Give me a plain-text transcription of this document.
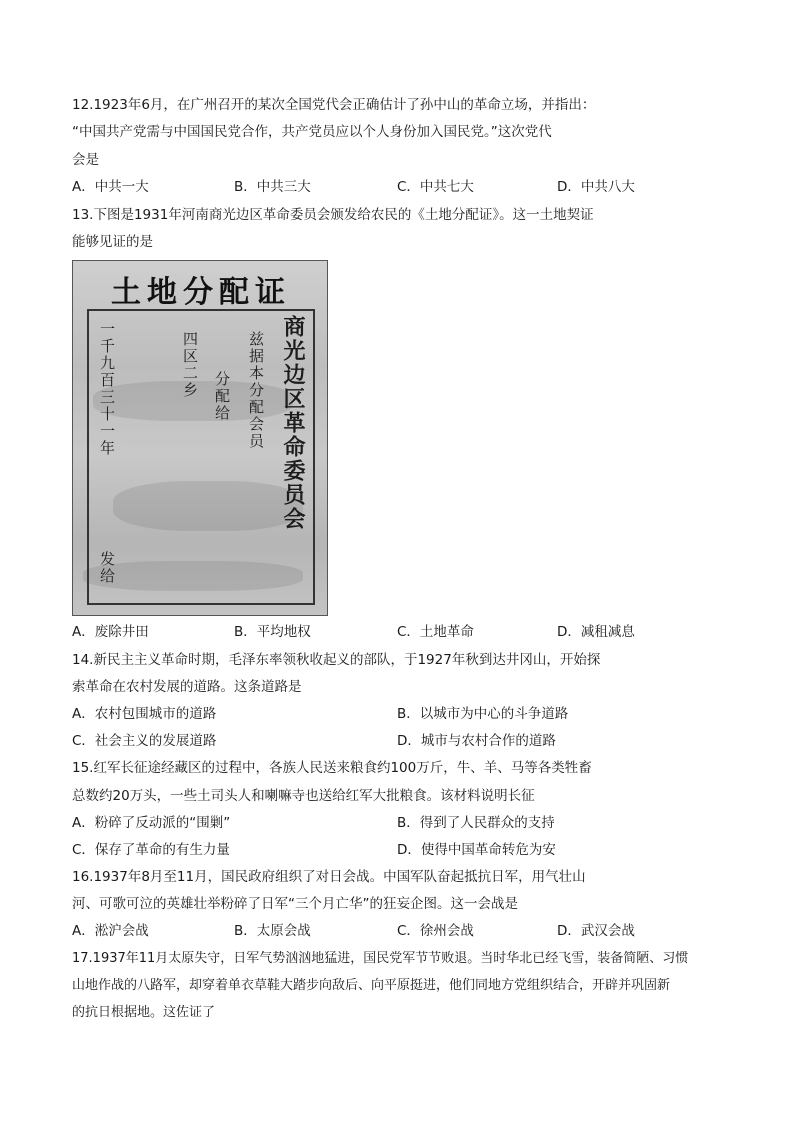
12.1923年6月，在广州召开的某次全国党代会正确估计了孙中山的革命立场，并指出：
“中国共产党需与中国国民党合作，共产党员应以个人身份加入国民党。”这次党代
会是
A．中共一大	B．中共三大	C．中共七大	D．中共八大
13.下图是1931年河南商光边区革命委员会颁发给农民的《土地分配证》。这一土地契证
能够见证的是
土地分配证
商光边区革命委员会
兹据本分配会员
分配给
四区二乡
一千九百三十一年
发给
A．废除井田	B．平均地权	C．土地革命	D．减租减息
14.新民主主义革命时期，毛泽东率领秋收起义的部队，于1927年秋到达井冈山，开始探
索革命在农村发展的道路。这条道路是
A．农村包围城市的道路	B．以城市为中心的斗争道路
C．社会主义的发展道路	D．城市与农村合作的道路
15.红军长征途经藏区的过程中，各族人民送来粮食约100万斤，牛、羊、马等各类牲畜
总数约20万头，一些土司头人和喇嘛寺也送给红军大批粮食。该材料说明长征
A．粉碎了反动派的“围剿”	B．得到了人民群众的支持
C．保存了革命的有生力量	D．使得中国革命转危为安
16.1937年8月至11月，国民政府组织了对日会战。中国军队奋起抵抗日军，用气壮山
河、可歌可泣的英雄壮举粉碎了日军“三个月亡华”的狂妄企图。这一会战是
A．淞沪会战	B．太原会战	C．徐州会战	D．武汉会战
17.1937年11月太原失守，日军气势汹汹地猛进，国民党军节节败退。当时华北已经飞雪，装备简陋、习惯
山地作战的八路军，却穿着单衣草鞋大踏步向敌后、向平原挺进，他们同地方党组织结合，开辟并巩固新
的抗日根据地。这佐证了
